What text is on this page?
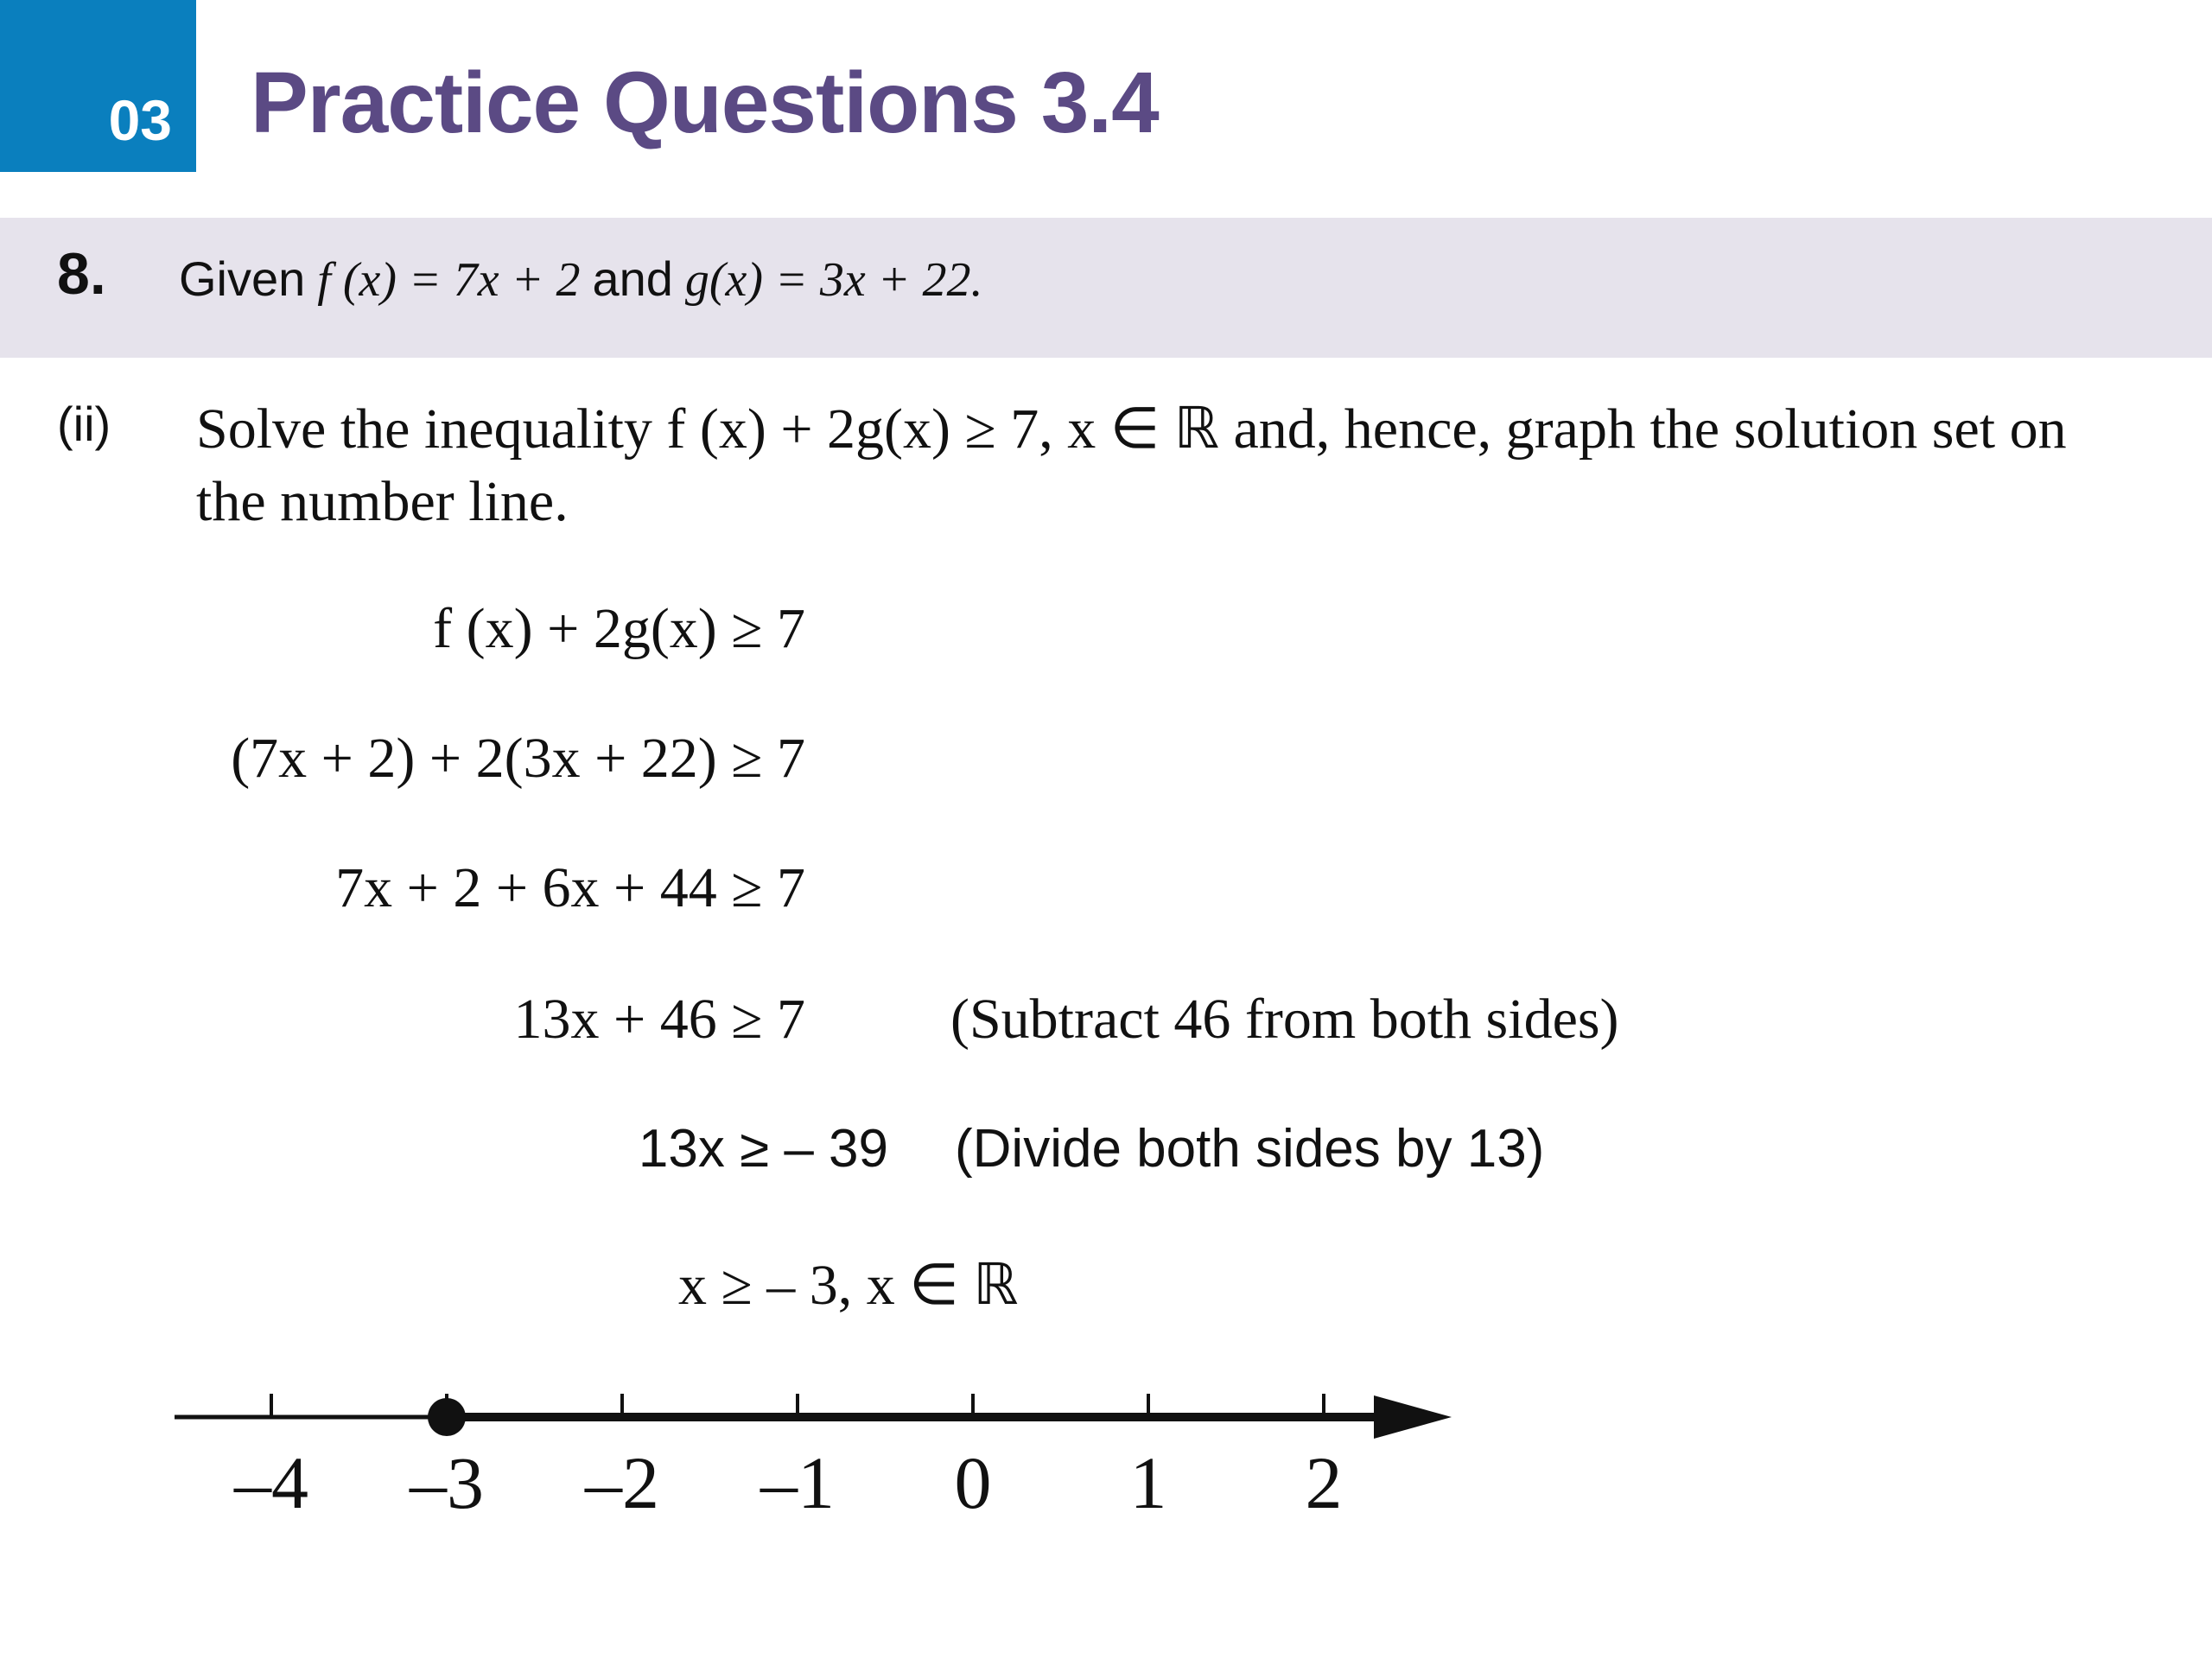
03 Practice Questions 3.4
8. Given f (x) = 7x + 2 and g(x) = 3x + 22.
(ii) Solve the inequality f (x) + 2g(x) ≥ 7, x ∈ ℝ and, hence, graph the solution set on the number line.
f (x) + 2g(x) ≥ 7
(7x + 2) + 2(3x + 22) ≥ 7
7x + 2 + 6x + 44 ≥ 7
13x + 46 ≥ 7	(Subtract 46 from both sides)
13x ≥ – 39 (Divide both sides by 13)
x ≥ – 3, x ∈ ℝ
–4 –3 –2 –1 0 1 2
